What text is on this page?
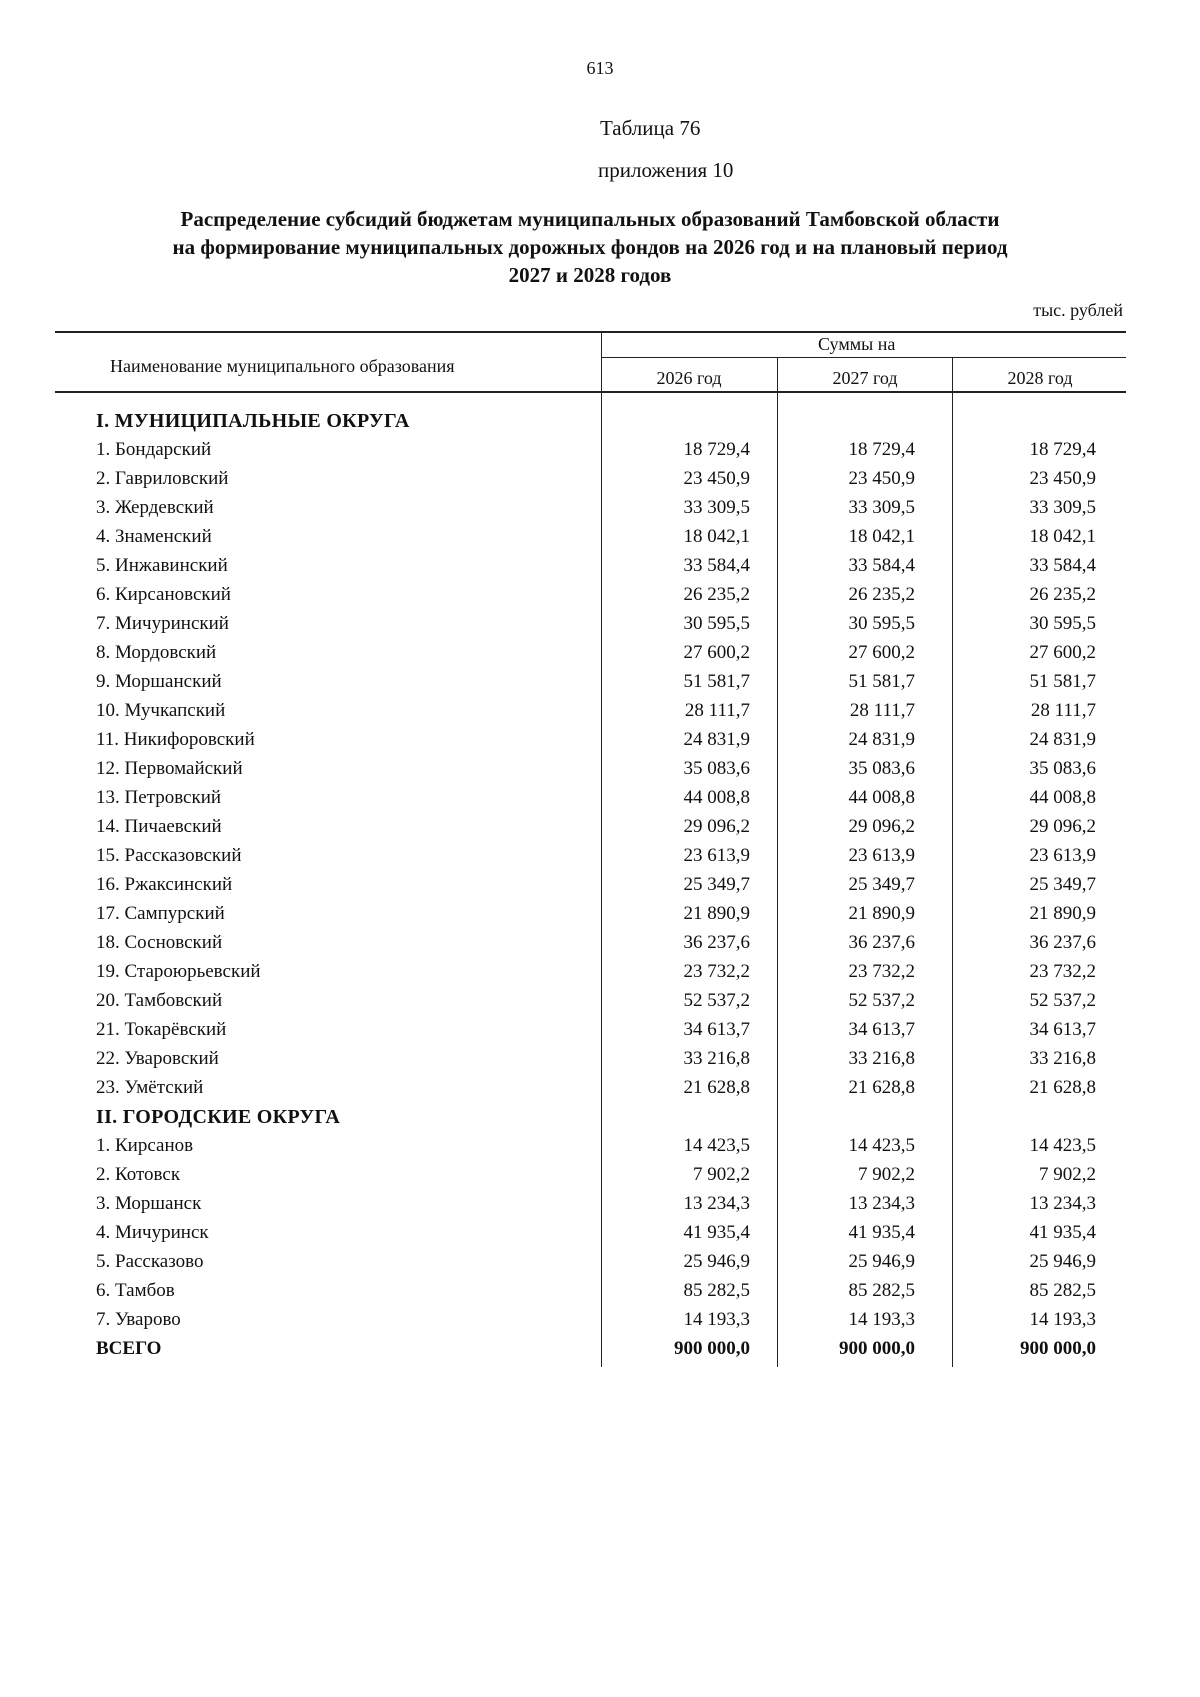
613
Таблица 76
приложения 10
Распределение субсидий бюджетам муниципальных образований Тамбовской области
на формирование муниципальных дорожных фондов на 2026 год и на плановый период
2027 и 2028 годов
тыс. рублей
Наименование муниципального образования
Суммы на
2026 год	2027 год	2028 год
I. МУНИЦИПАЛЬНЫЕ ОКРУГА
1. Бондарский	18 729,4	18 729,4	18 729,4
2. Гавриловский	23 450,9	23 450,9	23 450,9
3. Жердевский	33 309,5	33 309,5	33 309,5
4. Знаменский	18 042,1	18 042,1	18 042,1
5. Инжавинский	33 584,4	33 584,4	33 584,4
6. Кирсановский	26 235,2	26 235,2	26 235,2
7. Мичуринский	30 595,5	30 595,5	30 595,5
8. Мордовский	27 600,2	27 600,2	27 600,2
9. Моршанский	51 581,7	51 581,7	51 581,7
10. Мучкапский	28 111,7	28 111,7	28 111,7
11. Никифоровский	24 831,9	24 831,9	24 831,9
12. Первомайский	35 083,6	35 083,6	35 083,6
13. Петровский	44 008,8	44 008,8	44 008,8
14. Пичаевский	29 096,2	29 096,2	29 096,2
15. Рассказовский	23 613,9	23 613,9	23 613,9
16. Ржаксинский	25 349,7	25 349,7	25 349,7
17. Сампурский	21 890,9	21 890,9	21 890,9
18. Сосновский	36 237,6	36 237,6	36 237,6
19. Староюрьевский	23 732,2	23 732,2	23 732,2
20. Тамбовский	52 537,2	52 537,2	52 537,2
21. Токарёвский	34 613,7	34 613,7	34 613,7
22. Уваровский	33 216,8	33 216,8	33 216,8
23. Умётский	21 628,8	21 628,8	21 628,8
II. ГОРОДСКИЕ ОКРУГА
1. Кирсанов	14 423,5	14 423,5	14 423,5
2. Котовск	7 902,2	7 902,2	7 902,2
3. Моршанск	13 234,3	13 234,3	13 234,3
4. Мичуринск	41 935,4	41 935,4	41 935,4
5. Рассказово	25 946,9	25 946,9	25 946,9
6. Тамбов	85 282,5	85 282,5	85 282,5
7. Уварово	14 193,3	14 193,3	14 193,3
ВСЕГО	900 000,0	900 000,0	900 000,0
